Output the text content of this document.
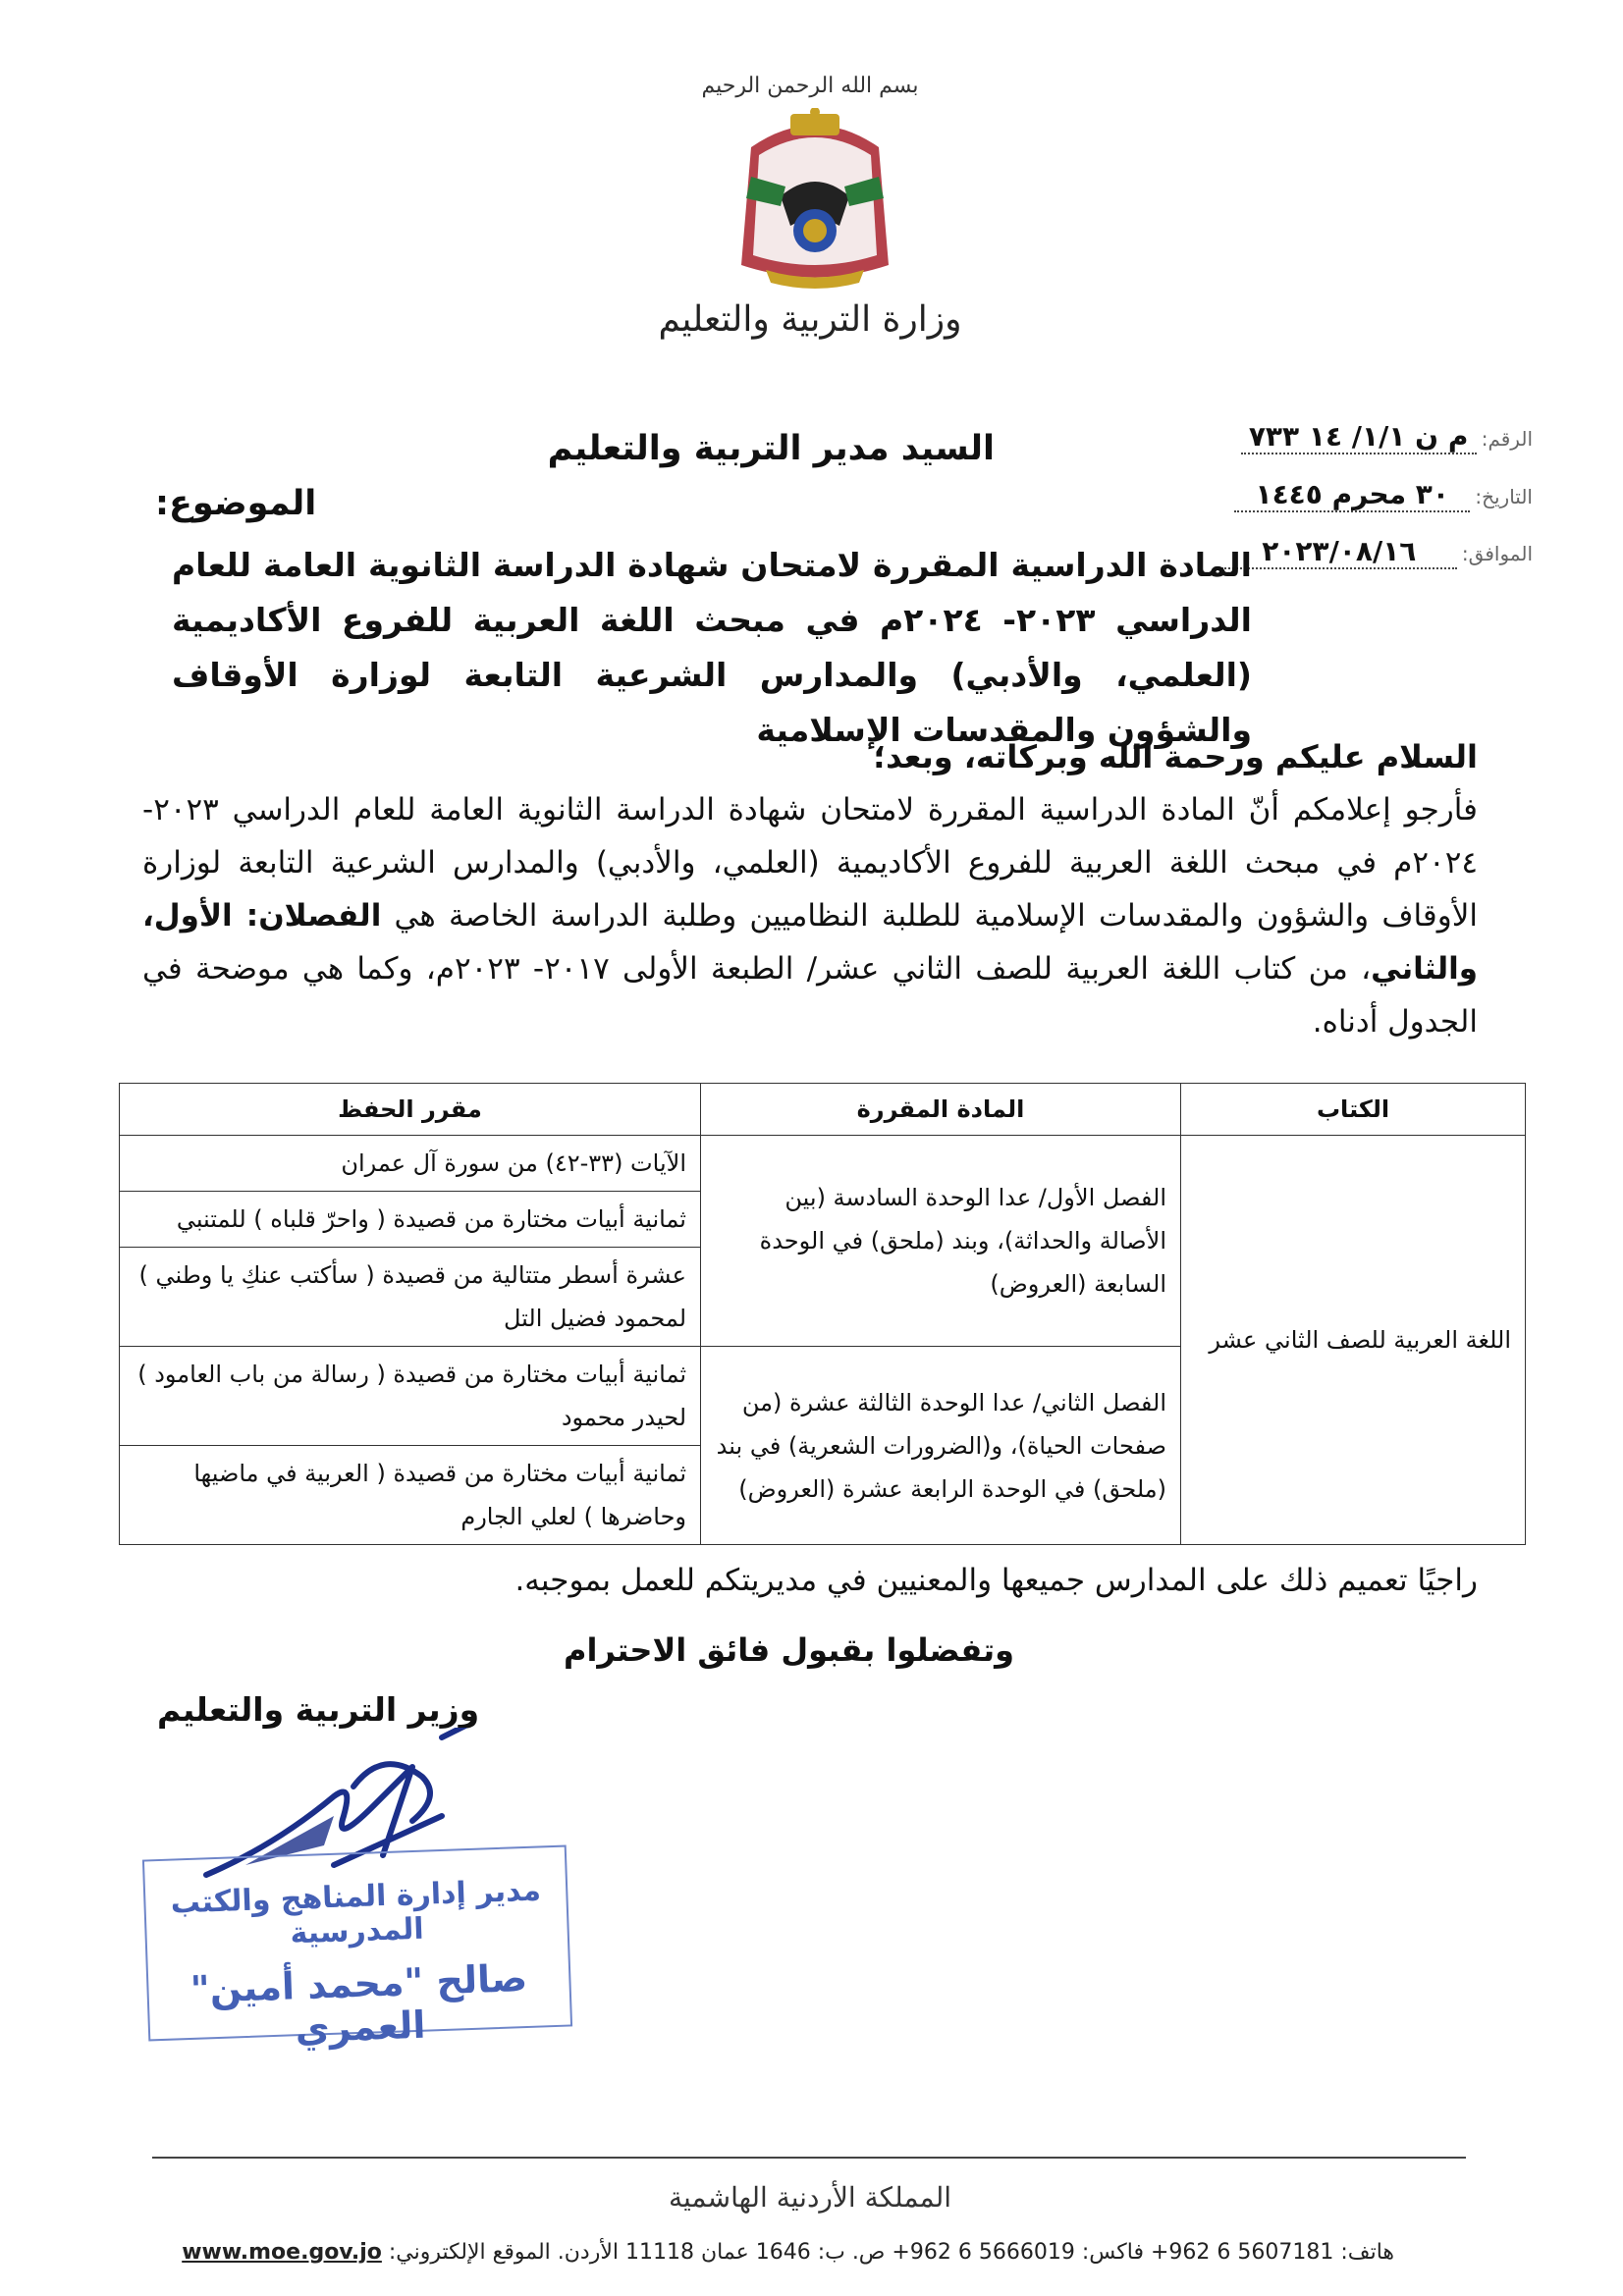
بسم الله الرحمن الرحيم
وزارة التربية والتعليم
الرقم: م ن ١/١/ ١٤ ٧٣٣
التاريخ: ٣٠ محرم ١٤٤٥
الموافق: ٢٠٢٣/٠٨/١٦
السيد مدير التربية والتعليم
الموضوع:
المادة الدراسية المقررة لامتحان شهادة الدراسة الثانوية العامة للعام الدراسي ٢٠٢٣- ٢٠٢٤م في مبحث اللغة العربية للفروع الأكاديمية (العلمي، والأدبي) والمدارس الشرعية التابعة لوزارة الأوقاف والشؤون والمقدسات الإسلامية
السلام عليكم ورحمة الله وبركاته، وبعد؛
فأرجو إعلامكم أنّ المادة الدراسية المقررة لامتحان شهادة الدراسة الثانوية العامة للعام الدراسي ٢٠٢٣- ٢٠٢٤م في مبحث اللغة العربية للفروع الأكاديمية (العلمي، والأدبي) والمدارس الشرعية التابعة لوزارة الأوقاف والشؤون والمقدسات الإسلامية للطلبة النظاميين وطلبة الدراسة الخاصة هي الفصلان: الأول، والثاني، من كتاب اللغة العربية للصف الثاني عشر/ الطبعة الأولى ٢٠١٧- ٢٠٢٣م، وكما هي موضحة في الجدول أدناه.
الكتاب	المادة المقررة	مقرر الحفظ
اللغة العربية للصف الثاني عشر	الفصل الأول/ عدا الوحدة السادسة (بين الأصالة والحداثة)، وبند (ملحق) في الوحدة السابعة (العروض)	الآيات (٣٣-٤٢) من سورة آل عمران
		ثمانية أبيات مختارة من قصيدة ( واحرّ قلباه ) للمتنبي
		عشرة أسطر متتالية من قصيدة ( سأكتب عنكِ يا وطني ) لمحمود فضيل التل
	الفصل الثاني/ عدا الوحدة الثالثة عشرة (من صفحات الحياة)، و(الضرورات الشعرية) في بند (ملحق) في الوحدة الرابعة عشرة (العروض)	ثمانية أبيات مختارة من قصيدة ( رسالة من باب العامود ) لحيدر محمود
		ثمانية أبيات مختارة من قصيدة ( العربية في ماضيها وحاضرها ) لعلي الجارم
راجيًا تعميم ذلك على المدارس جميعها والمعنيين في مديريتكم للعمل بموجبه.
وتفضلوا بقبول فائق الاحترام
وزير التربية والتعليم
مدير إدارة المناهج والكتب المدرسية
صالح "محمد أمين" العمري
المملكة الأردنية الهاشمية
هاتف: 5607181 6 962+ فاكس: 5666019 6 962+ ص. ب: 1646 عمان 11118 الأردن. الموقع الإلكتروني: www.moe.gov.jo
